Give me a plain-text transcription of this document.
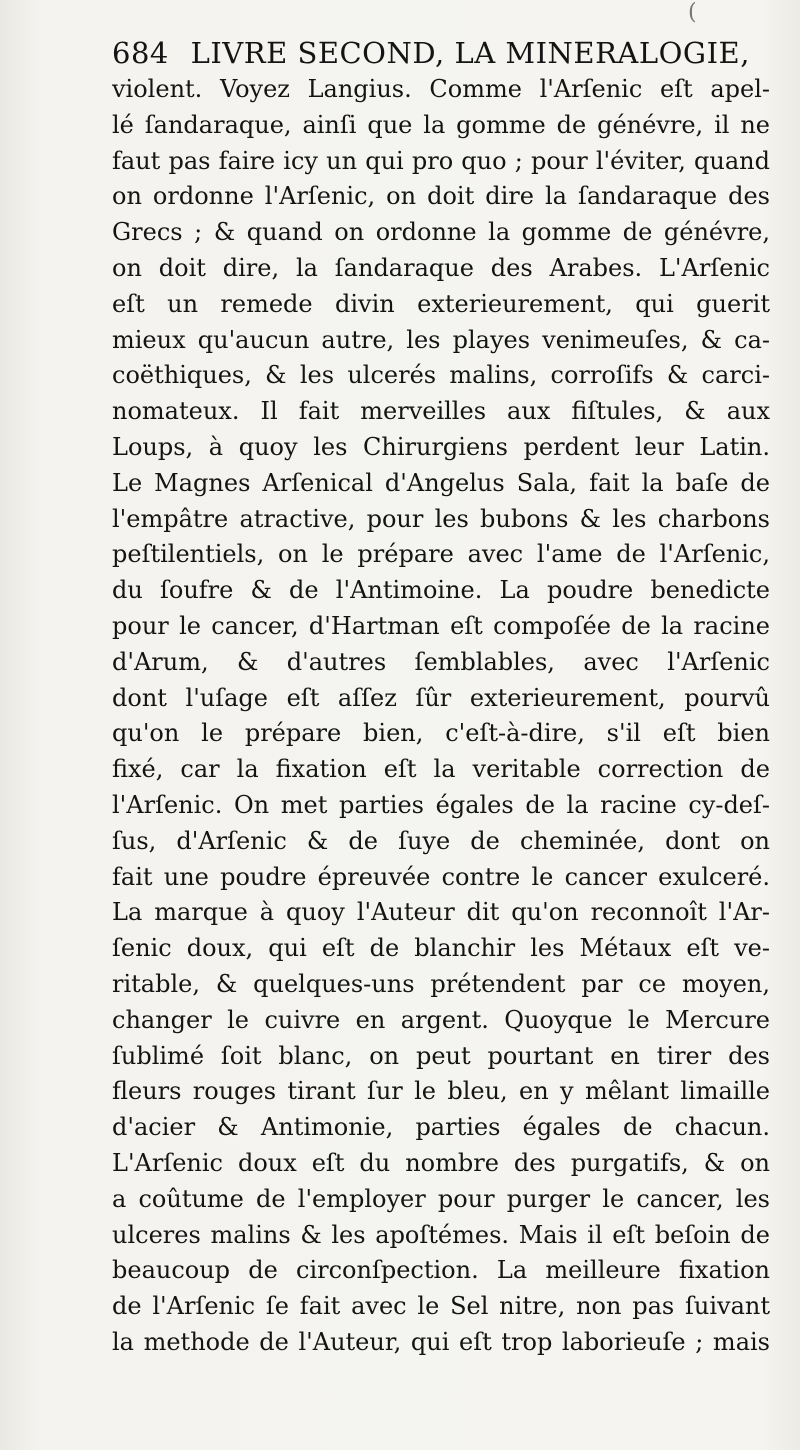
(
684 LIVRE SECOND, LA MINERALOGIE,
violent. Voyez Langius. Comme l'Arſenic eſt apel-
lé ſandaraque, ainſi que la gomme de génévre, il ne
faut pas faire icy un qui pro quo ; pour l'éviter, quand
on ordonne l'Arſenic, on doit dire la ſandaraque des
Grecs ; & quand on ordonne la gomme de génévre,
on doit dire, la ſandaraque des Arabes. L'Arſenic
eſt un remede divin exterieurement, qui guerit
mieux qu'aucun autre, les playes venimeuſes, & ca-
coëthiques, & les ulcerés malins, corroſifs & carci-
nomateux. Il fait merveilles aux fiſtules, & aux
Loups, à quoy les Chirurgiens perdent leur Latin.
Le Magnes Arſenical d'Angelus Sala, fait la baſe de
l'empâtre atractive, pour les bubons & les charbons
peſtilentiels, on le prépare avec l'ame de l'Arſenic,
du ſoufre & de l'Antimoine. La poudre benedicte
pour le cancer, d'Hartman eſt compoſée de la racine
d'Arum, & d'autres ſemblables, avec l'Arſenic
dont l'uſage eſt aſſez ſûr exterieurement, pourvû
qu'on le prépare bien, c'eſt-à-dire, s'il eſt bien
fixé, car la fixation eſt la veritable correction de
l'Arſenic. On met parties égales de la racine cy-deſ-
ſus, d'Arſenic & de ſuye de cheminée, dont on
fait une poudre épreuvée contre le cancer exulceré.
La marque à quoy l'Auteur dit qu'on reconnoît l'Ar-
ſenic doux, qui eſt de blanchir les Métaux eſt ve-
ritable, & quelques-uns prétendent par ce moyen,
changer le cuivre en argent. Quoyque le Mercure
ſublimé ſoit blanc, on peut pourtant en tirer des
fleurs rouges tirant ſur le bleu, en y mêlant limaille
d'acier & Antimonie, parties égales de chacun.
L'Arſenic doux eſt du nombre des purgatifs, & on
a coûtume de l'employer pour purger le cancer, les
ulceres malins & les apoſtémes. Mais il eſt beſoin de
beaucoup de circonſpection. La meilleure fixation
de l'Arſenic ſe fait avec le Sel nitre, non pas ſuivant
la methode de l'Auteur, qui eſt trop laborieuſe ; mais
